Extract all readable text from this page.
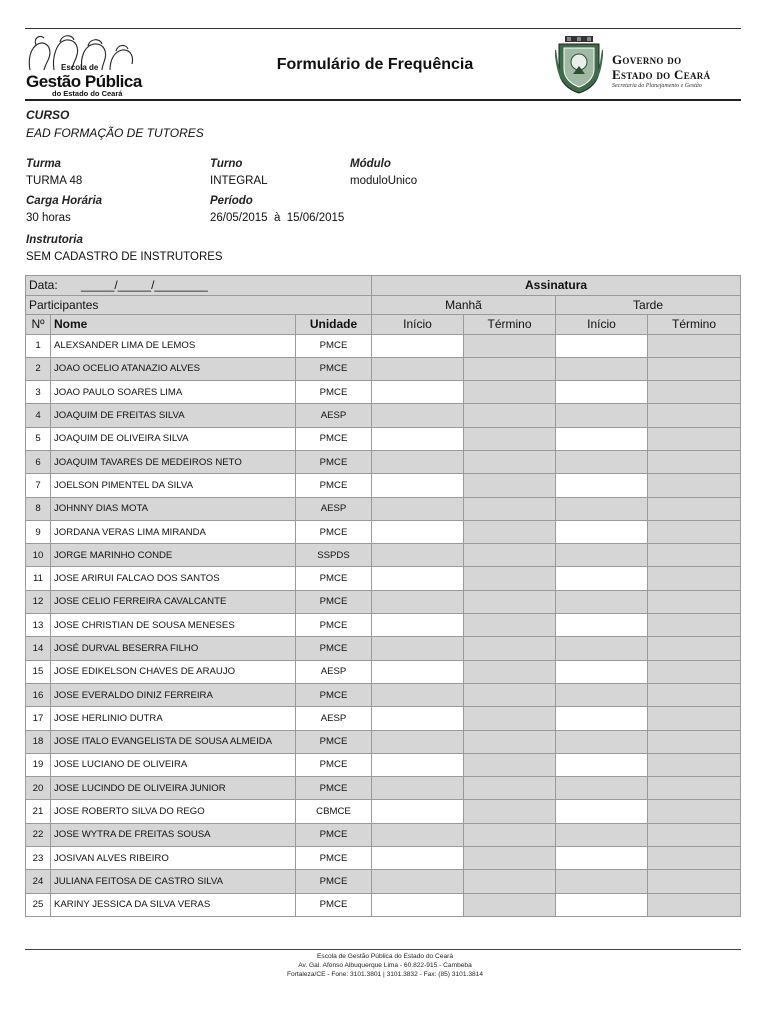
Escola de
Gestão Pública
do Estado do Ceará
Formulário de Frequência	Governo do
Estado do Ceará
Secretaria do Planejamento e Gestão
CURSO
EAD FORMAÇÃO DE TUTORES
Turma
TURMA 48
Turno
INTEGRAL
Módulo
moduloUnico
Carga Horária
30 horas
Período
26/05/2015  à  15/06/2015
Instrutoria
SEM CADASTRO DE INSTRUTORES
Data:       _____/_____/________			Assinatura			
Participantes			Manhã		Tarde	
Nº	Nome	Unidade	Início	Término	Início	Término
1	ALEXSANDER LIMA DE LEMOS	PMCE				
2	JOAO OCELIO ATANAZIO ALVES	PMCE				
3	JOAO PAULO SOARES LIMA	PMCE				
4	JOAQUIM DE FREITAS SILVA	AESP				
5	JOAQUIM DE OLIVEIRA SILVA	PMCE				
6	JOAQUIM TAVARES DE MEDEIROS NETO	PMCE				
7	JOELSON PIMENTEL DA SILVA	PMCE				
8	JOHNNY DIAS MOTA	AESP				
9	JORDANA VERAS LIMA MIRANDA	PMCE				
10	JORGE MARINHO CONDE	SSPDS				
11	JOSE ARIRUI FALCAO DOS SANTOS	PMCE				
12	JOSE CELIO FERREIRA CAVALCANTE	PMCE				
13	JOSE CHRISTIAN DE SOUSA MENESES	PMCE				
14	JOSÉ DURVAL BESERRA FILHO	PMCE				
15	JOSE EDIKELSON CHAVES DE ARAUJO	AESP				
16	JOSE EVERALDO DINIZ FERREIRA	PMCE				
17	JOSE HERLINIO DUTRA	AESP				
18	JOSE ITALO EVANGELISTA DE SOUSA ALMEIDA	PMCE				
19	JOSE LUCIANO DE OLIVEIRA	PMCE				
20	JOSE LUCINDO DE OLIVEIRA JUNIOR	PMCE				
21	JOSE ROBERTO SILVA DO REGO	CBMCE				
22	JOSE WYTRA DE FREITAS SOUSA	PMCE				
23	JOSIVAN ALVES RIBEIRO	PMCE				
24	JULIANA FEITOSA DE CASTRO SILVA	PMCE				
25	KARINY JESSICA DA SILVA VERAS	PMCE				
Escola de Gestão Pública do Estado do Ceará
Av. Gal. Afonso Albuquerque Lima - 60.822-915 - Cambeba
Fortaleza/CE - Fone: 3101.3801 | 3101.3832 - Fax: (85) 3101.3814
